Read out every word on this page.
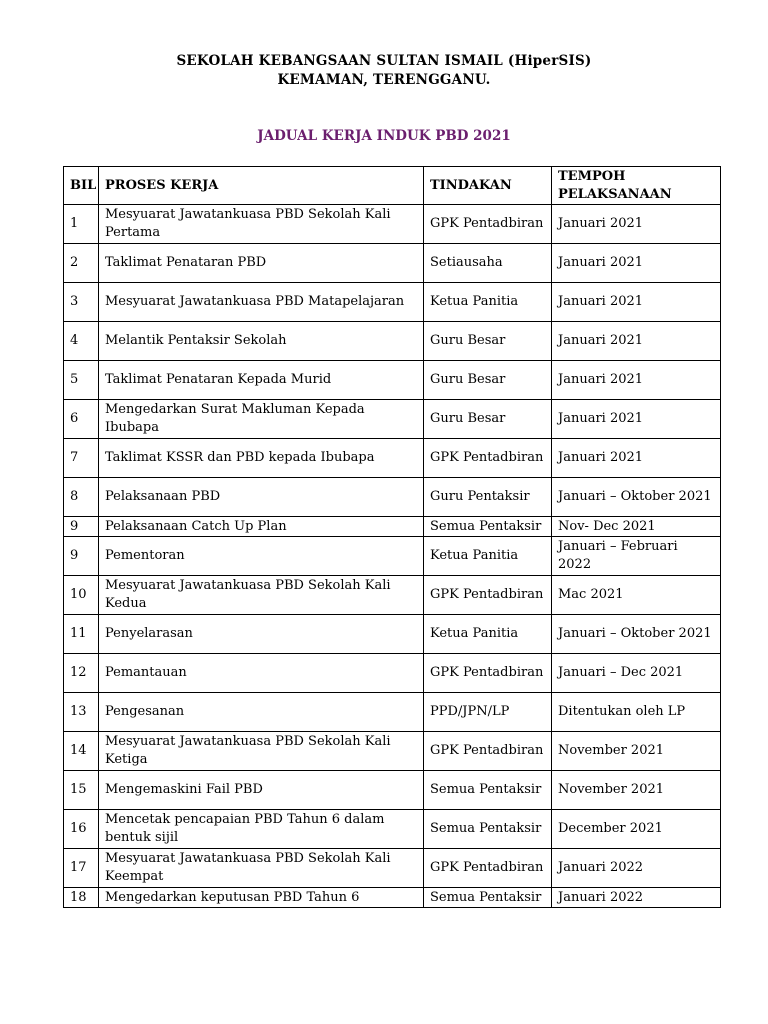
SEKOLAH KEBANGSAAN SULTAN ISMAIL (HiperSIS)
KEMAMAN, TERENGGANU.
JADUAL KERJA INDUK PBD 2021
BIL	PROSES KERJA	TINDAKAN	TEMPOH PELAKSANAAN
1	Mesyuarat Jawatankuasa PBD Sekolah Kali Pertama	GPK Pentadbiran	Januari 2021
2	Taklimat Penataran PBD	Setiausaha	Januari 2021
3	Mesyuarat Jawatankuasa PBD Matapelajaran	Ketua Panitia	Januari 2021
4	Melantik Pentaksir Sekolah	Guru Besar	Januari 2021
5	Taklimat Penataran Kepada Murid	Guru Besar	Januari 2021
6	Mengedarkan Surat Makluman Kepada Ibubapa	Guru Besar	Januari 2021
7	Taklimat KSSR dan PBD kepada Ibubapa	GPK Pentadbiran	Januari 2021
8	Pelaksanaan PBD	Guru Pentaksir	Januari – Oktober 2021
9	Pelaksanaan Catch Up Plan	Semua Pentaksir	Nov- Dec 2021
9	Pementoran	Ketua Panitia	Januari – Februari 2022
10	Mesyuarat Jawatankuasa PBD Sekolah Kali Kedua	GPK Pentadbiran	Mac 2021
11	Penyelarasan	Ketua Panitia	Januari – Oktober 2021
12	Pemantauan	GPK Pentadbiran	Januari – Dec 2021
13	Pengesanan	PPD/JPN/LP	Ditentukan oleh LP
14	Mesyuarat Jawatankuasa PBD Sekolah Kali Ketiga	GPK Pentadbiran	November 2021
15	Mengemaskini Fail PBD	Semua Pentaksir	November 2021
16	Mencetak pencapaian PBD Tahun 6 dalam bentuk sijil	Semua Pentaksir	December 2021
17	Mesyuarat Jawatankuasa PBD Sekolah Kali Keempat	GPK Pentadbiran	Januari 2022
18	Mengedarkan keputusan PBD Tahun 6	Semua Pentaksir	Januari 2022
